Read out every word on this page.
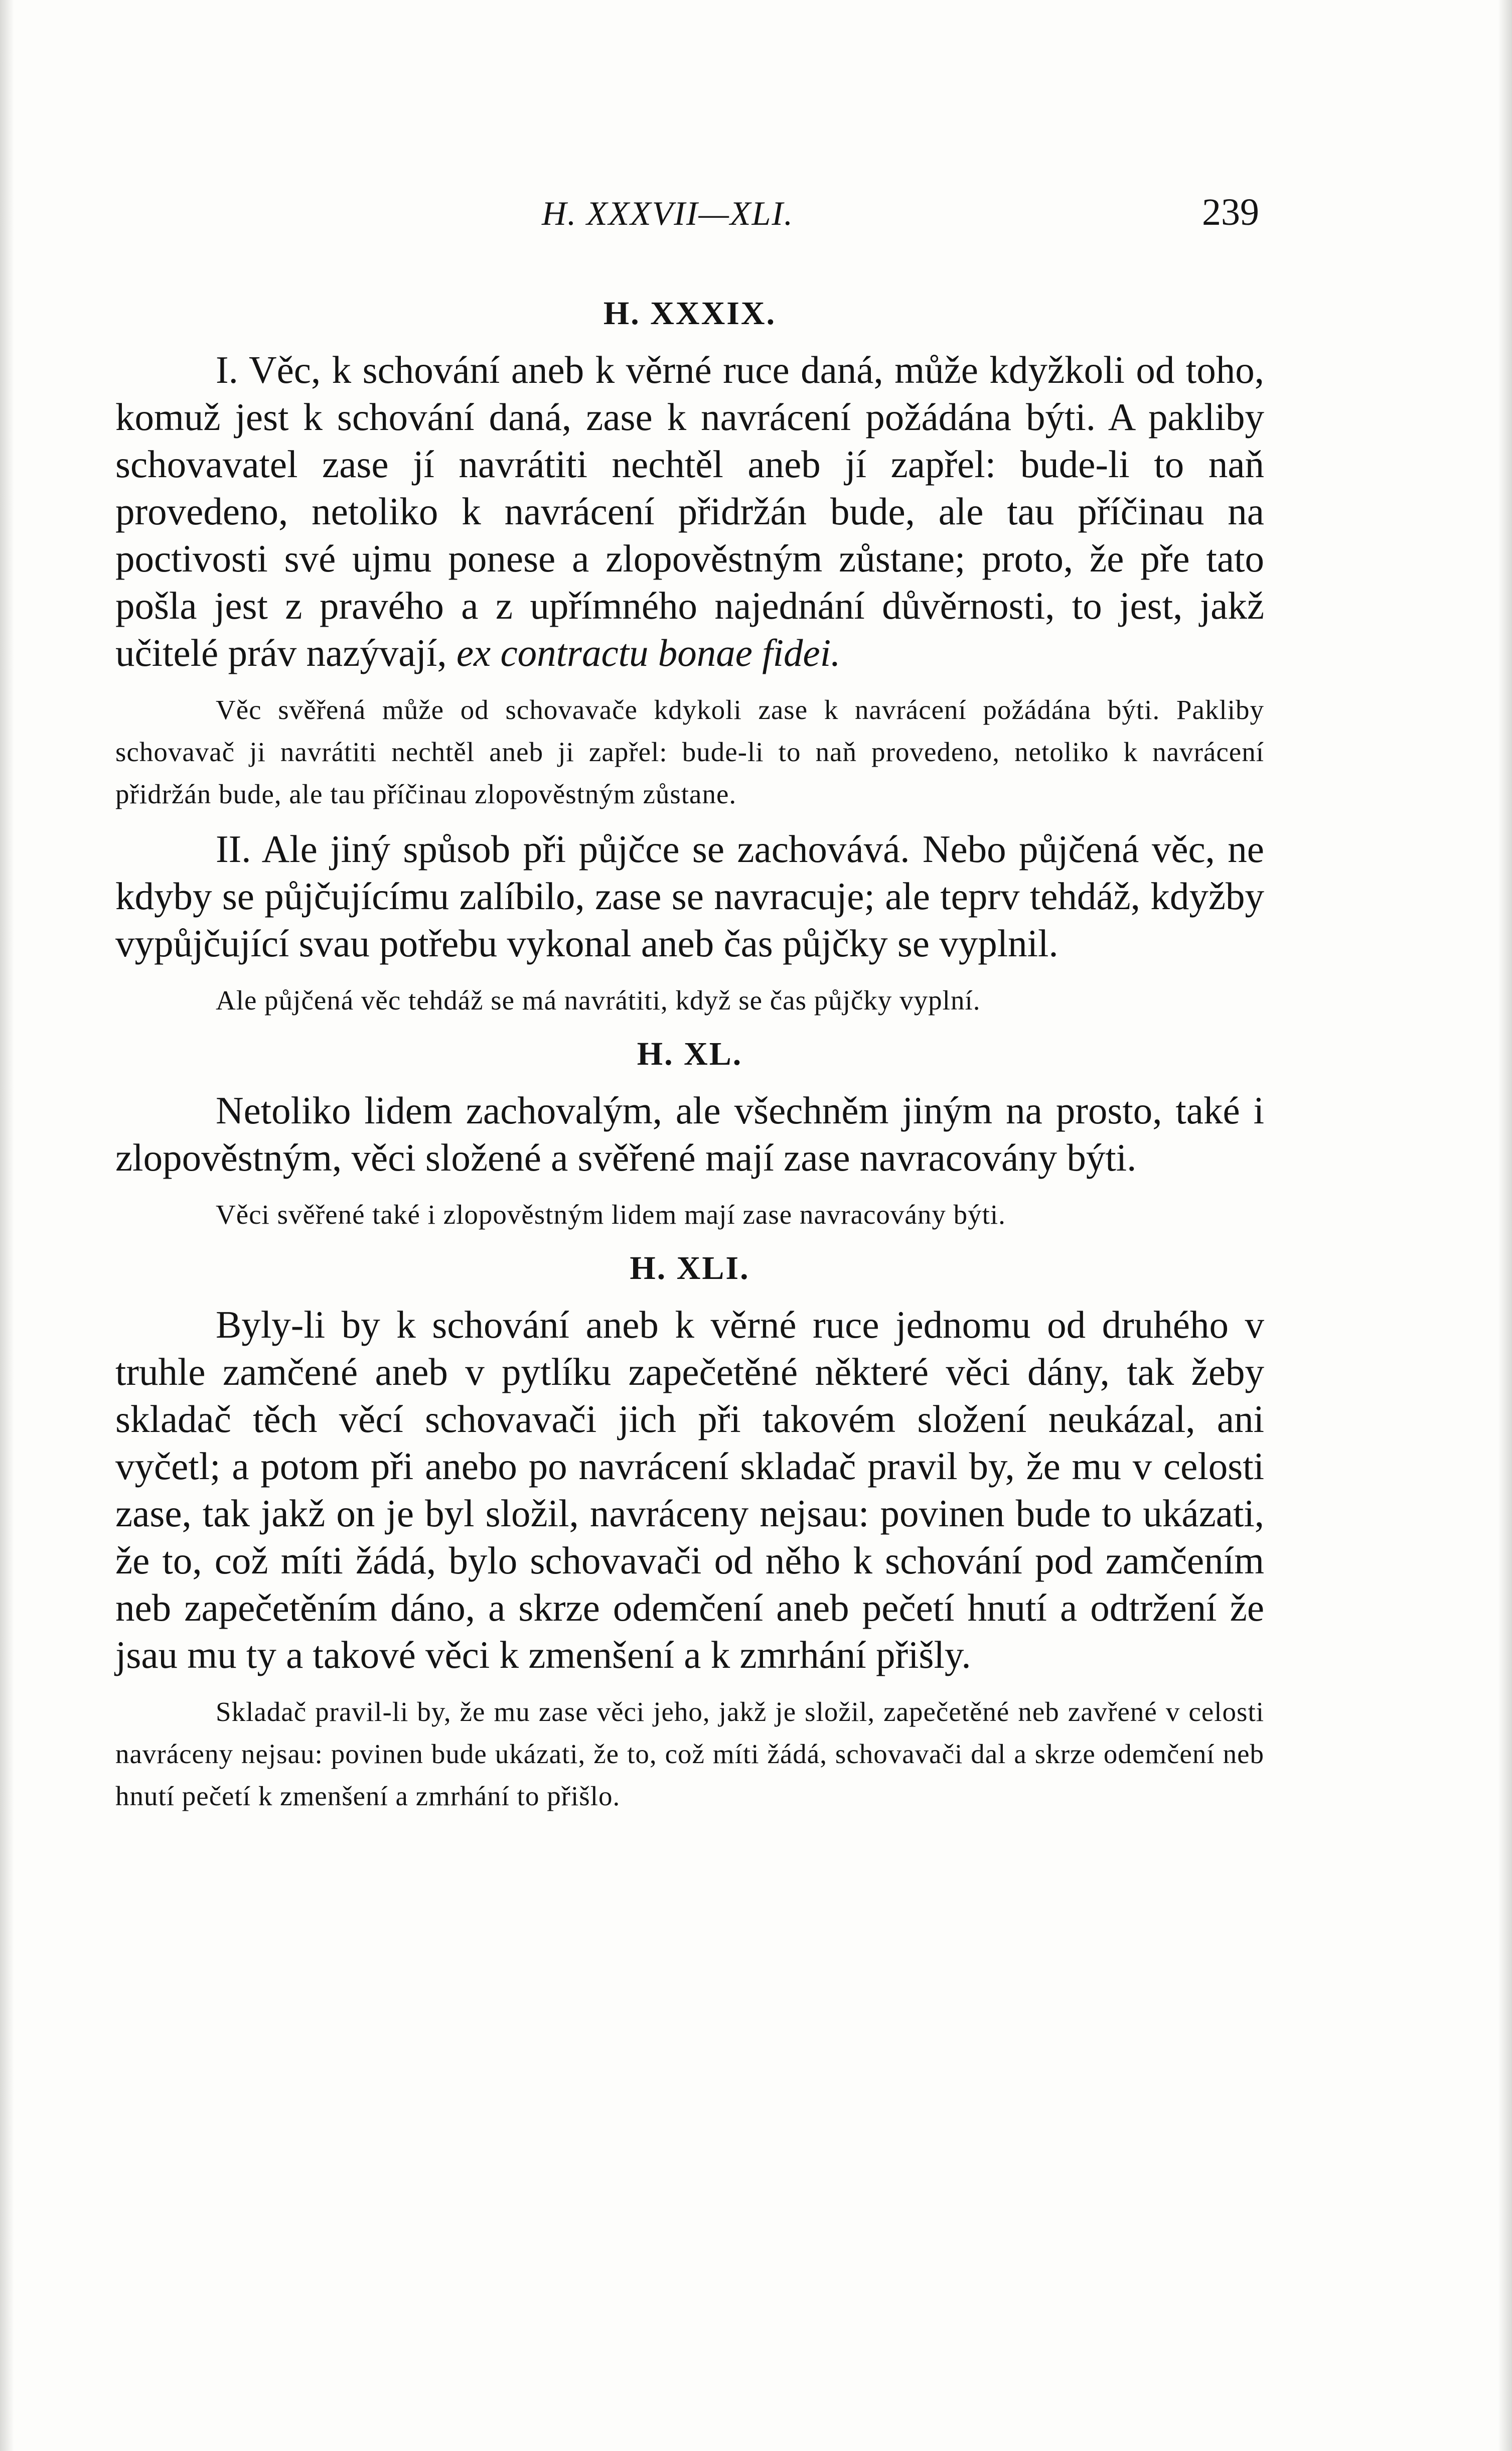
H. XXXVII—XLI.	239
H. XXXIX.

I. Věc, k schování aneb k věrné ruce daná, může kdyžkoli od toho, komuž jest k schování daná, zase k navrácení požádána býti. A pakliby schovavatel zase jí navrátiti nechtěl aneb jí zapřel: bude-li to naň provedeno, netoliko k navrácení přidržán bude, ale tau příčinau na poctivosti své ujmu ponese a zlopověstným zůstane; proto, že pře tato pošla jest z pravého a z upřímného najednání důvěrnosti, to jest, jakž učitelé práv nazývají, ex contractu bonae fidei.

Věc svěřená může od schovavače kdykoli zase k navrácení požádána býti. Pakliby schovavač ji navrátiti nechtěl aneb ji zapřel: bude-li to naň provedeno, netoliko k navrácení přidržán bude, ale tau příčinau zlopověstným zůstane.

II. Ale jiný spůsob při půjčce se zachovává. Nebo půjčená věc, ne kdyby se půjčujícímu zalíbilo, zase se navracuje; ale teprv tehdáž, kdyžby vypůjčující svau potřebu vykonal aneb čas půjčky se vyplnil.

Ale půjčená věc tehdáž se má navrátiti, když se čas půjčky vyplní.

H. XL.

Netoliko lidem zachovalým, ale všechněm jiným na prosto, také i zlopověstným, věci složené a svěřené mají zase navracovány býti.

Věci svěřené také i zlopověstným lidem mají zase navracovány býti.

H. XLI.

Byly-li by k schování aneb k věrné ruce jednomu od druhého v truhle zamčené aneb v pytlíku zapečetěné některé věci dány, tak žeby skladač těch věcí schovavači jich při takovém složení neukázal, ani vyčetl; a potom při anebo po navrácení skladač pravil by, že mu v celosti zase, tak jakž on je byl složil, navráceny nejsau: povinen bude to ukázati, že to, což míti žádá, bylo schovavači od něho k schování pod zamčením neb zapečetěním dáno, a skrze odemčení aneb pečetí hnutí a odtržení že jsau mu ty a takové věci k zmenšení a k zmrhání přišly.

Skladač pravil-li by, že mu zase věci jeho, jakž je složil, zapečetěné neb zavřené v celosti navráceny nejsau: povinen bude ukázati, že to, což míti žádá, schovavači dal a skrze odemčení neb hnutí pečetí k zmenšení a zmrhání to přišlo.
